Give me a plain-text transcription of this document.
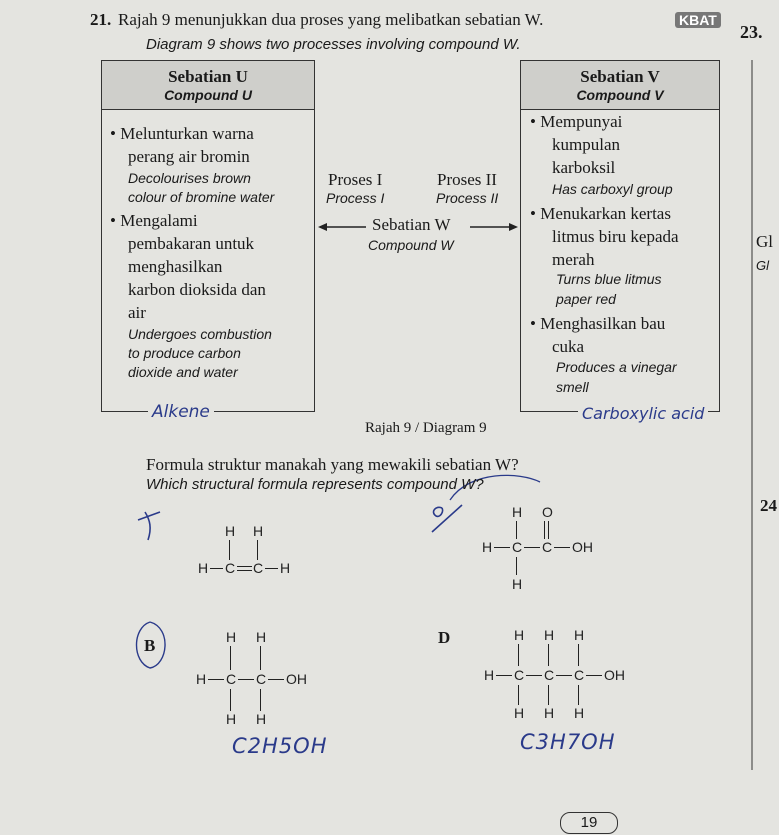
21. Rajah 9 menunjukkan dua proses yang melibatkan sebatian W.	KBAT
23.
Diagram 9 shows two processes involving compound W.
Sebatian U
Compound U
• Melunturkan warna
perang air bromin
Decolourises brown
colour of bromine water
• Mengalami
pembakaran untuk
menghasilkan
karbon dioksida dan
air
Undergoes combustion
to produce carbon
dioxide and water
Alkene
Sebatian V
Compound V
• Mempunyai
kumpulan
karboksil
Has carboxyl group
• Menukarkan kertas
litmus biru kepada
merah
Turns blue litmus
paper red
• Menghasilkan bau
cuka
Produces a vinegar
smell
Carboxylic acid
Proses I
Process I
Proses II
Process II
Sebatian W
Compound W	Gl
Gl
24
Rajah 9 / Diagram 9
Formula struktur manakah yang mewakili sebatian W?
Which structural formula represents compound W?
B	D
H H
H C C H
H O
H C C OH
H
H H
H C C OH
H H
H H H
H C C C OH
H H H
C2H5OH	C3H7OH
19
